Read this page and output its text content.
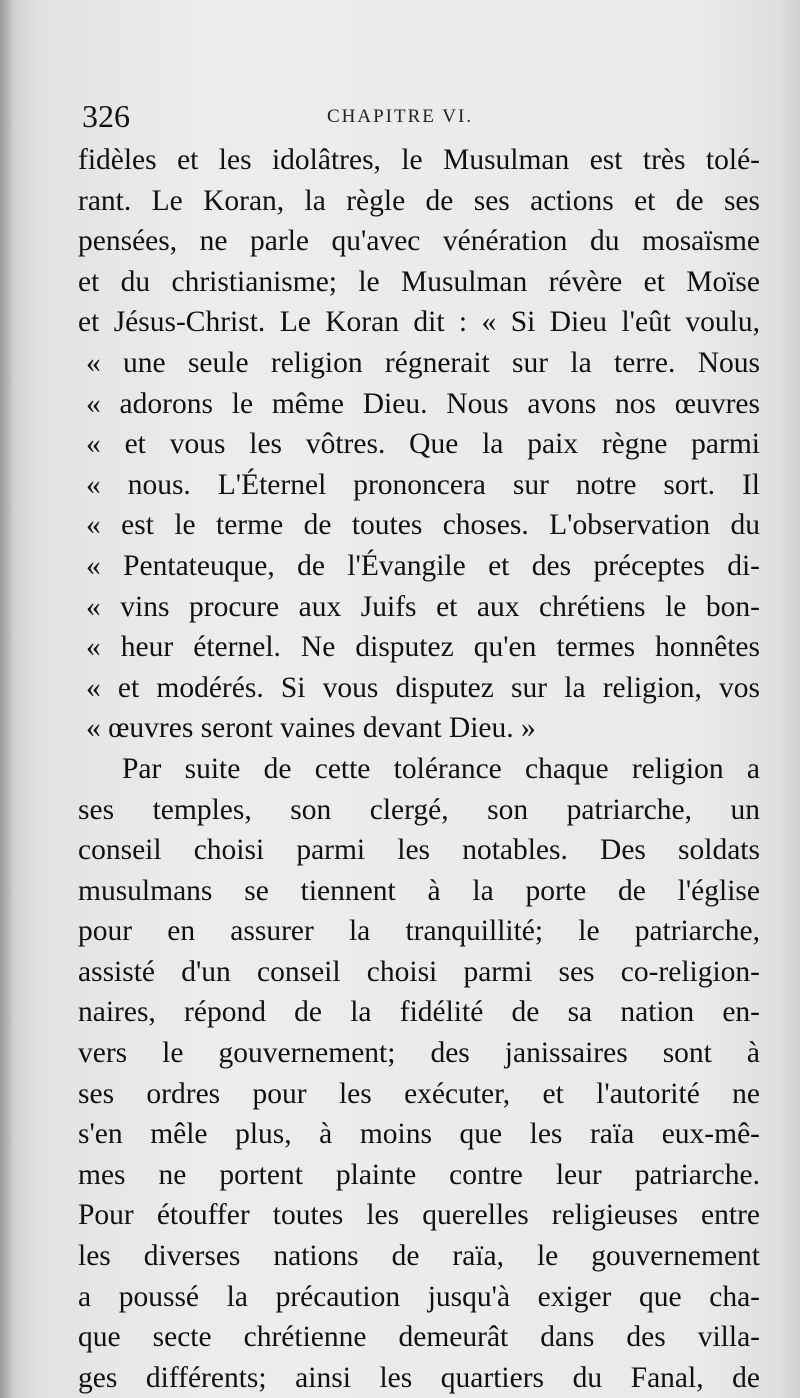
326	CHAPITRE VI.
fidèles et les idolâtres, le Musulman est très tolé-
rant. Le Koran, la règle de ses actions et de ses
pensées, ne parle qu'avec vénération du mosaïsme
et du christianisme; le Musulman révère et Moïse
et Jésus-Christ. Le Koran dit : « Si Dieu l'eût voulu,
« une seule religion régnerait sur la terre. Nous
« adorons le même Dieu. Nous avons nos œuvres
« et vous les vôtres. Que la paix règne parmi
« nous. L'Éternel prononcera sur notre sort. Il
« est le terme de toutes choses. L'observation du
« Pentateuque, de l'Évangile et des préceptes di-
« vins procure aux Juifs et aux chrétiens le bon-
« heur éternel. Ne disputez qu'en termes honnêtes
« et modérés. Si vous disputez sur la religion, vos
« œuvres seront vaines devant Dieu. »
Par suite de cette tolérance chaque religion a
ses temples, son clergé, son patriarche, un
conseil choisi parmi les notables. Des soldats
musulmans se tiennent à la porte de l'église
pour en assurer la tranquillité; le patriarche,
assisté d'un conseil choisi parmi ses co-religion-
naires, répond de la fidélité de sa nation en-
vers le gouvernement; des janissaires sont à
ses ordres pour les exécuter, et l'autorité ne
s'en mêle plus, à moins que les raïa eux-mê-
mes ne portent plainte contre leur patriarche.
Pour étouffer toutes les querelles religieuses entre
les diverses nations de raïa, le gouvernement
a poussé la précaution jusqu'à exiger que cha-
que secte chrétienne demeurât dans des villa-
ges différents; ainsi les quartiers du Fanal, de
